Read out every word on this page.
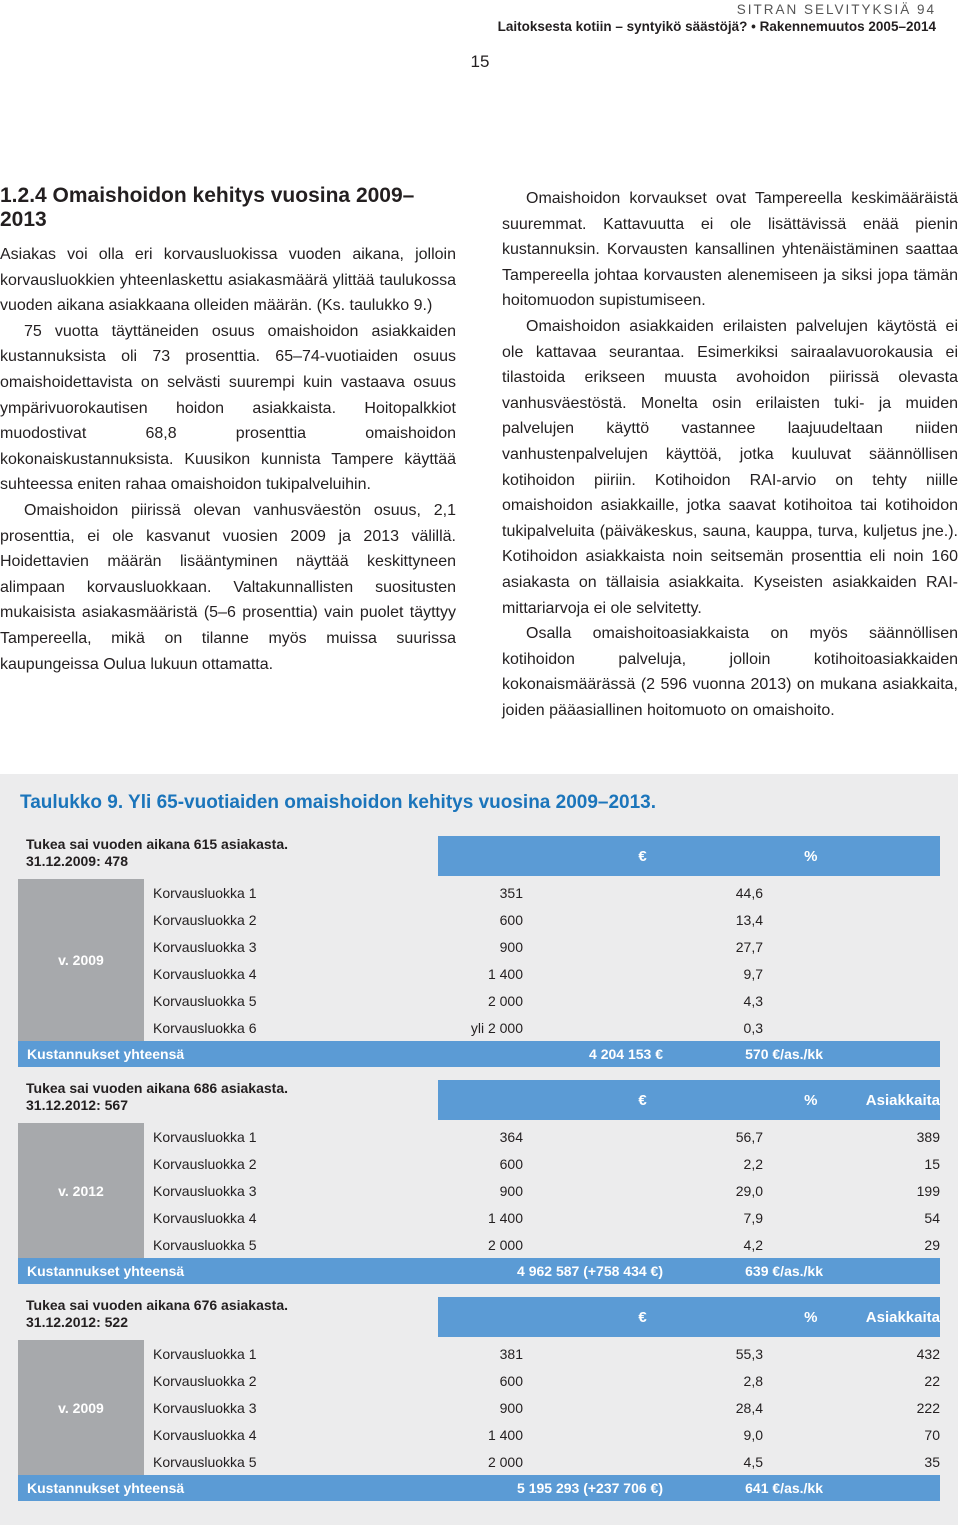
SITRAN SELVITYKSIÄ 94
Laitoksesta kotiin – syntyikö säästöjä? • Rakennemuutos 2005–2014
15
1.2.4 Omaishoidon kehitys vuosina 2009–2013

Asiakas voi olla eri korvausluokissa vuoden aikana, jolloin korvausluokkien yhteenlaskettu asiakasmäärä ylittää taulukossa vuoden aikana asiakkaana olleiden määrän. (Ks. taulukko 9.)

75 vuotta täyttäneiden osuus omaishoidon asiakkaiden kustannuksista oli 73 prosenttia. 65–74-vuotiaiden osuus omaishoidettavista on selvästi suurempi kuin vastaava osuus ympärivuorokautisen hoidon asiakkaista. Hoitopalkkiot muodostivat 68,8 prosenttia omaishoidon kokonaiskustannuksista. Kuusikon kunnista Tampere käyttää suhteessa eniten rahaa omaishoidon tukipalveluihin.

Omaishoidon piirissä olevan vanhusväestön osuus, 2,1 prosenttia, ei ole kasvanut vuosien 2009 ja 2013 välillä. Hoidettavien määrän lisääntyminen näyttää keskittyneen alimpaan korvausluokkaan. Valtakunnallisten suositusten mukaisista asiakasmääristä (5–6 prosenttia) vain puolet täyttyy Tampereella, mikä on tilanne myös muissa suurissa kaupungeissa Oulua lukuun ottamatta.

Omaishoidon korvaukset ovat Tampereella keskimääräistä suuremmat. Kattavuutta ei ole lisättävissä enää pienin kustannuksin. Korvausten kansallinen yhtenäistäminen saattaa Tampereella johtaa korvausten alenemiseen ja siksi jopa tämän hoitomuodon supistumiseen.

Omaishoidon asiakkaiden erilaisten palvelujen käytöstä ei ole kattavaa seurantaa. Esimerkiksi sairaalavuorokausia ei tilastoida erikseen muusta avohoidon piirissä olevasta vanhusväestöstä. Monelta osin erilaisten tuki- ja muiden palvelujen käyttö vastannee laajuudeltaan niiden vanhustenpalvelujen käyttöä, jotka kuuluvat säännöllisen kotihoidon piiriin. Kotihoidon RAI-arvio on tehty niille omaishoidon asiakkaille, jotka saavat kotihoitoa tai kotihoidon tukipalveluita (päiväkeskus, sauna, kauppa, turva, kuljetus jne.). Kotihoidon asiakkaista noin seitsemän prosenttia eli noin 160 asiakasta on tällaisia asiakkaita. Kyseisten asiakkaiden RAI-mittariarvoja ei ole selvitetty.

Osalla omaishoitoasiakkaista on myös säännöllisen kotihoidon palveluja, jolloin kotihoitoasiakkaiden kokonaismäärässä (2 596 vuonna 2013) on mukana asiakkaita, joiden pääasiallinen hoitomuoto on omaishoito.

Taulukko 9. Yli 65-vuotiaiden omaishoidon kehitys vuosina 2009–2013.
Tukea sai vuoden aikana 615 asiakasta.
31.12.2009: 478	€	%
v. 2009
Korvausluokka 1	351	44,6
Korvausluokka 2	600	13,4
Korvausluokka 3	900	27,7
Korvausluokka 4	1 400	9,7
Korvausluokka 5	2 000	4,3
Korvausluokka 6	yli 2 000	0,3
Kustannukset yhteensä	4 204 153 €	570 €/as./kk
Tukea sai vuoden aikana 686 asiakasta.
31.12.2012: 567	€	%	Asiakkaita
v. 2012
Korvausluokka 1	364	56,7	389
Korvausluokka 2	600	2,2	15
Korvausluokka 3	900	29,0	199
Korvausluokka 4	1 400	7,9	54
Korvausluokka 5	2 000	4,2	29
Kustannukset yhteensä	4 962 587 (+758 434 €)	639 €/as./kk
Tukea sai vuoden aikana 676 asiakasta.
31.12.2012: 522	€	%	Asiakkaita
v. 2009
Korvausluokka 1	381	55,3	432
Korvausluokka 2	600	2,8	22
Korvausluokka 3	900	28,4	222
Korvausluokka 4	1 400	9,0	70
Korvausluokka 5	2 000	4,5	35
Kustannukset yhteensä	5 195 293 (+237 706 €)	641 €/as./kk
